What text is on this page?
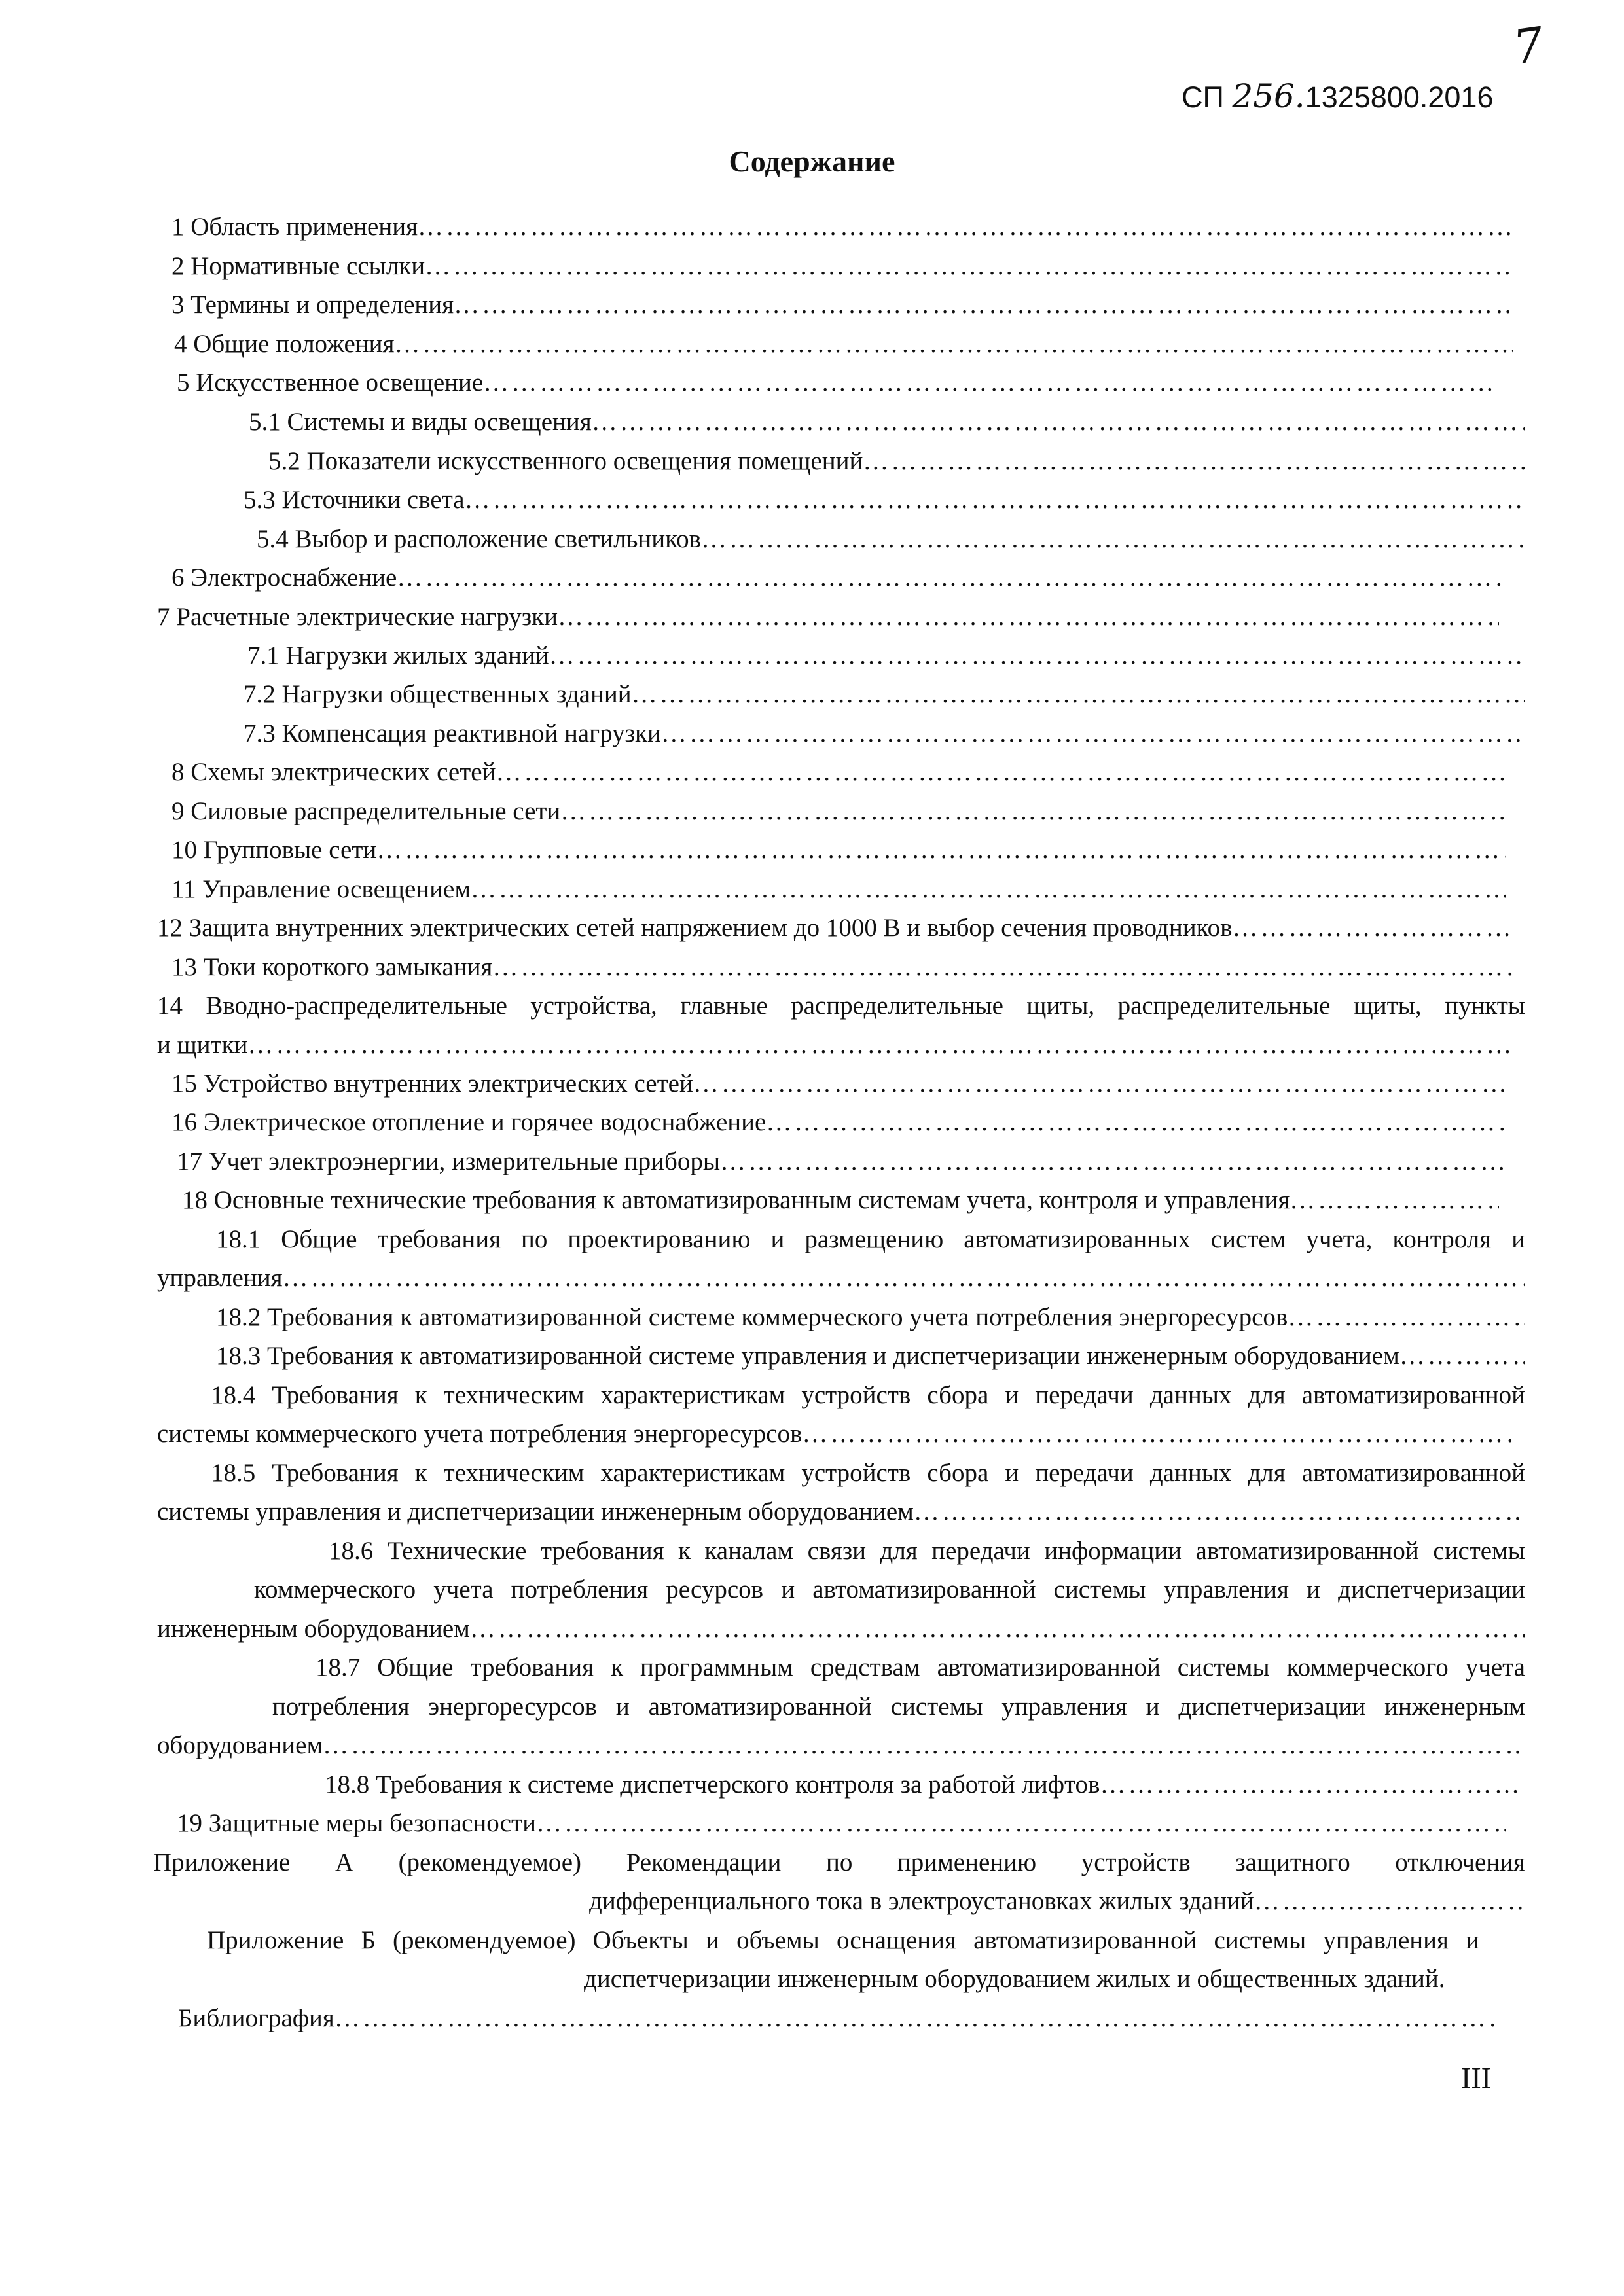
7
СП 256.1325800.2016
Содержание
1 Область применения
…………………………………………………………………………………………………………………………………………………………………………………………………………………………………………………………………………………………………………………………………………………………
2 Нормативные ссылки
…………………………………………………………………………………………………………………………………………………………………………………………………………………………………………………………………………………………………………………………………………………………
3 Термины и определения
…………………………………………………………………………………………………………………………………………………………………………………………………………………………………………………………………………………………………………………………………………………………
4 Общие положения
…………………………………………………………………………………………………………………………………………………………………………………………………………………………………………………………………………………………………………………………………………………………
5 Искусственное освещение
…………………………………………………………………………………………………………………………………………………………………………………………………………………………………………………………………………………………………………………………………………………………
5.1 Системы и виды освещения
…………………………………………………………………………………………………………………………………………………………………………………………………………………………………………………………………………………………………………………………………………………………
5.2 Показатели искусственного освещения помещений
…………………………………………………………………………………………………………………………………………………………………………………………………………………………………………………………………………………………………………………………………………………………
5.3 Источники света
…………………………………………………………………………………………………………………………………………………………………………………………………………………………………………………………………………………………………………………………………………………………
5.4 Выбор и расположение светильников
…………………………………………………………………………………………………………………………………………………………………………………………………………………………………………………………………………………………………………………………………………………………
6 Электроснабжение
…………………………………………………………………………………………………………………………………………………………………………………………………………………………………………………………………………………………………………………………………………………………
7 Расчетные электрические нагрузки
…………………………………………………………………………………………………………………………………………………………………………………………………………………………………………………………………………………………………………………………………………………………
7.1 Нагрузки жилых зданий
…………………………………………………………………………………………………………………………………………………………………………………………………………………………………………………………………………………………………………………………………………………………
7.2 Нагрузки общественных зданий
…………………………………………………………………………………………………………………………………………………………………………………………………………………………………………………………………………………………………………………………………………………………
7.3 Компенсация реактивной нагрузки
…………………………………………………………………………………………………………………………………………………………………………………………………………………………………………………………………………………………………………………………………………………………
8 Схемы электрических сетей
…………………………………………………………………………………………………………………………………………………………………………………………………………………………………………………………………………………………………………………………………………………………
9 Силовые распределительные сети
…………………………………………………………………………………………………………………………………………………………………………………………………………………………………………………………………………………………………………………………………………………………
10 Групповые сети
…………………………………………………………………………………………………………………………………………………………………………………………………………………………………………………………………………………………………………………………………………………………
11 Управление освещением
…………………………………………………………………………………………………………………………………………………………………………………………………………………………………………………………………………………………………………………………………………………………
12 Защита внутренних электрических сетей напряжением до 1000 В и выбор сечения проводников
…………………………………………………………………………………………………………………………………………………………………………………………………………………………………………………………………………………………………………………………………………………………
13 Токи короткого замыкания
…………………………………………………………………………………………………………………………………………………………………………………………………………………………………………………………………………………………………………………………………………………………
14 Вводно-распределительные устройства, главные распределительные щиты, распределительные щиты, пункты
и щитки
…………………………………………………………………………………………………………………………………………………………………………………………………………………………………………………………………………………………………………………………………………………………
15 Устройство внутренних электрических сетей
…………………………………………………………………………………………………………………………………………………………………………………………………………………………………………………………………………………………………………………………………………………………
16 Электрическое отопление и горячее водоснабжение
…………………………………………………………………………………………………………………………………………………………………………………………………………………………………………………………………………………………………………………………………………………………
17 Учет электроэнергии, измерительные приборы
…………………………………………………………………………………………………………………………………………………………………………………………………………………………………………………………………………………………………………………………………………………………
18 Основные технические требования к автоматизированным системам учета, контроля и управления
…………………………………………………………………………………………………………………………………………………………………………………………………………………………………………………………………………………………………………………………………………………………
18.1 Общие требования по проектированию и размещению автоматизированных систем учета, контроля и
управления
…………………………………………………………………………………………………………………………………………………………………………………………………………………………………………………………………………………………………………………………………………………………
18.2 Требования к автоматизированной системе коммерческого учета потребления энергоресурсов
…………………………………………………………………………………………………………………………………………………………………………………………………………………………………………………………………………………………………………………………………………………………
18.3 Требования к автоматизированной системе управления и диспетчеризации инженерным оборудованием
…………………………………………………………………………………………………………………………………………………………………………………………………………………………………………………………………………………………………………………………………………………………
18.4 Требования к техническим характеристикам устройств сбора и передачи данных для автоматизированной
системы коммерческого учета потребления энергоресурсов
…………………………………………………………………………………………………………………………………………………………………………………………………………………………………………………………………………………………………………………………………………………………
18.5 Требования к техническим характеристикам устройств сбора и передачи данных для автоматизированной
системы управления и диспетчеризации инженерным оборудованием
…………………………………………………………………………………………………………………………………………………………………………………………………………………………………………………………………………………………………………………………………………………………
18.6 Технические требования к каналам связи для передачи информации автоматизированной системы
коммерческого учета потребления ресурсов и автоматизированной системы управления и диспетчеризации
инженерным оборудованием
…………………………………………………………………………………………………………………………………………………………………………………………………………………………………………………………………………………………………………………………………………………………
18.7 Общие требования к программным средствам автоматизированной системы коммерческого учета
потребления энергоресурсов и автоматизированной системы управления и диспетчеризации инженерным
оборудованием
…………………………………………………………………………………………………………………………………………………………………………………………………………………………………………………………………………………………………………………………………………………………
18.8 Требования к системе диспетчерского контроля за работой лифтов
…………………………………………………………………………………………………………………………………………………………………………………………………………………………………………………………………………………………………………………………………………………………
19 Защитные меры безопасности
…………………………………………………………………………………………………………………………………………………………………………………………………………………………………………………………………………………………………………………………………………………………
Приложение А (рекомендуемое) Рекомендации по применению устройств защитного отключения
дифференциального тока в электроустановках жилых зданий
…………………………………………………………………………………………………………………………………………………………………………………………………………………………………………………………………………………………………………………………………………………………
Приложение Б (рекомендуемое) Объекты и объемы оснащения автоматизированной системы управления и
диспетчеризации инженерным оборудованием жилых и общественных зданий.
Библиография
…………………………………………………………………………………………………………………………………………………………………………………………………………………………………………………………………………………………………………………………………………………………
III
